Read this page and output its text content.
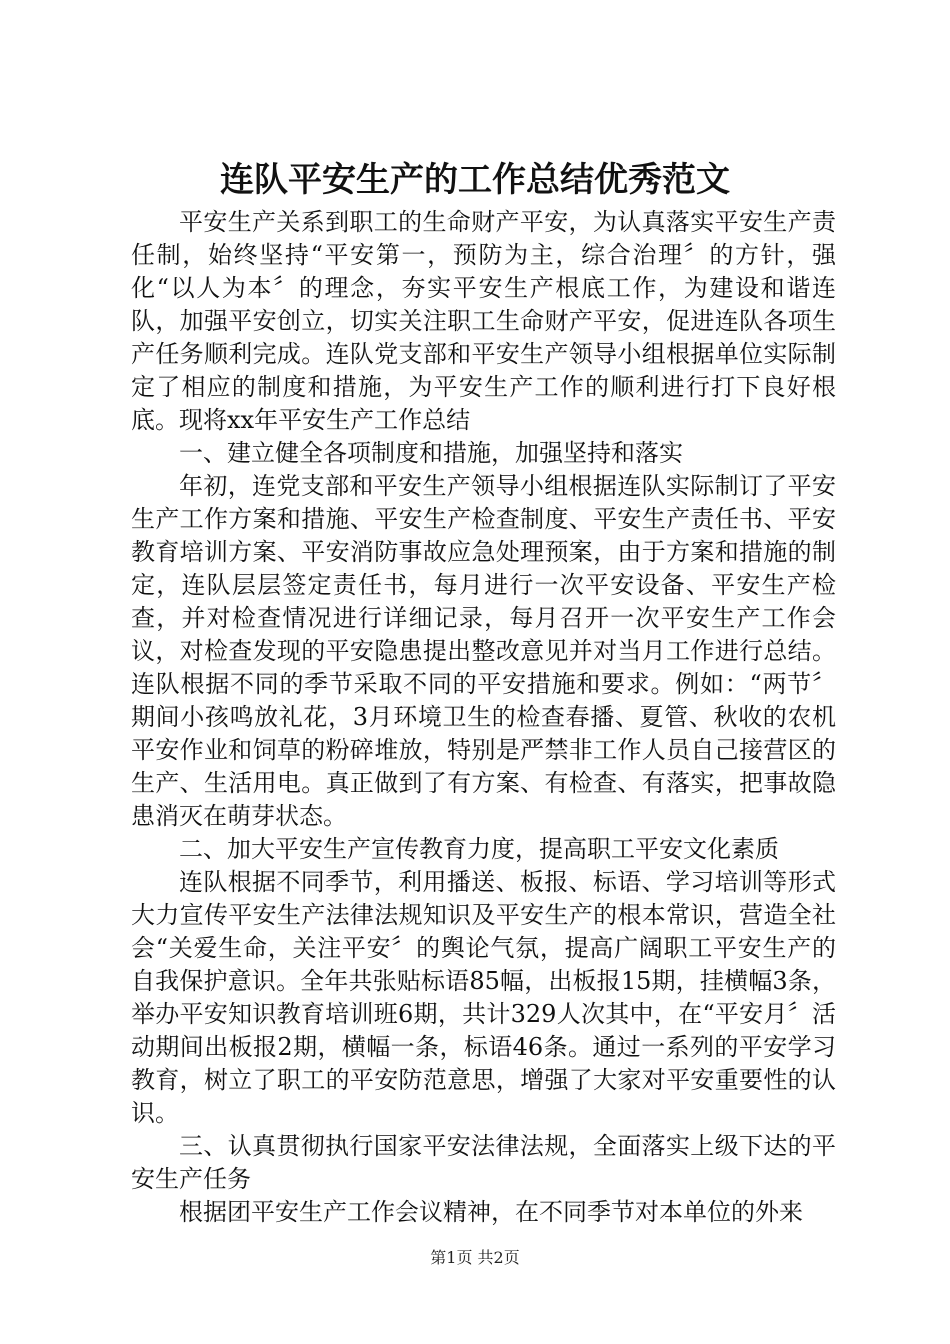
连队平安生产的工作总结优秀范文

平安生产关系到职工的生命财产平安，为认真落实平安生产责任制，始终坚持“平安第一，预防为主，综合治理〞的方针，强化“以人为本〞的理念，夯实平安生产根底工作，为建设和谐连队，加强平安创立，切实关注职工生命财产平安，促进连队各项生产任务顺利完成。连队党支部和平安生产领导小组根据单位实际制定了相应的制度和措施，为平安生产工作的顺利进行打下良好根底。现将xx年平安生产工作总结

一、建立健全各项制度和措施，加强坚持和落实

年初，连党支部和平安生产领导小组根据连队实际制订了平安生产工作方案和措施、平安生产检查制度、平安生产责任书、平安教育培训方案、平安消防事故应急处理预案，由于方案和措施的制定，连队层层签定责任书，每月进行一次平安设备、平安生产检查，并对检查情况进行详细记录，每月召开一次平安生产工作会议，对检查发现的平安隐患提出整改意见并对当月工作进行总结。连队根据不同的季节采取不同的平安措施和要求。例如：“两节〞期间小孩鸣放礼花，3月环境卫生的检查春播、夏管、秋收的农机平安作业和饲草的粉碎堆放，特别是严禁非工作人员自己接营区的生产、生活用电。真正做到了有方案、有检查、有落实，把事故隐患消灭在萌芽状态。

二、加大平安生产宣传教育力度，提高职工平安文化素质

连队根据不同季节，利用播送、板报、标语、学习培训等形式大力宣传平安生产法律法规知识及平安生产的根本常识，营造全社会“关爱生命，关注平安〞的舆论气氛，提高广阔职工平安生产的自我保护意识。全年共张贴标语85幅，出板报15期，挂横幅3条，举办平安知识教育培训班6期，共计329人次其中，在“平安月〞活动期间出板报2期，横幅一条，标语46条。通过一系列的平安学习教育，树立了职工的平安防范意思，增强了大家对平安重要性的认识。

三、认真贯彻执行国家平安法律法规，全面落实上级下达的平安生产任务

根据团平安生产工作会议精神，在不同季节对本单位的外来

第1页 共2页
